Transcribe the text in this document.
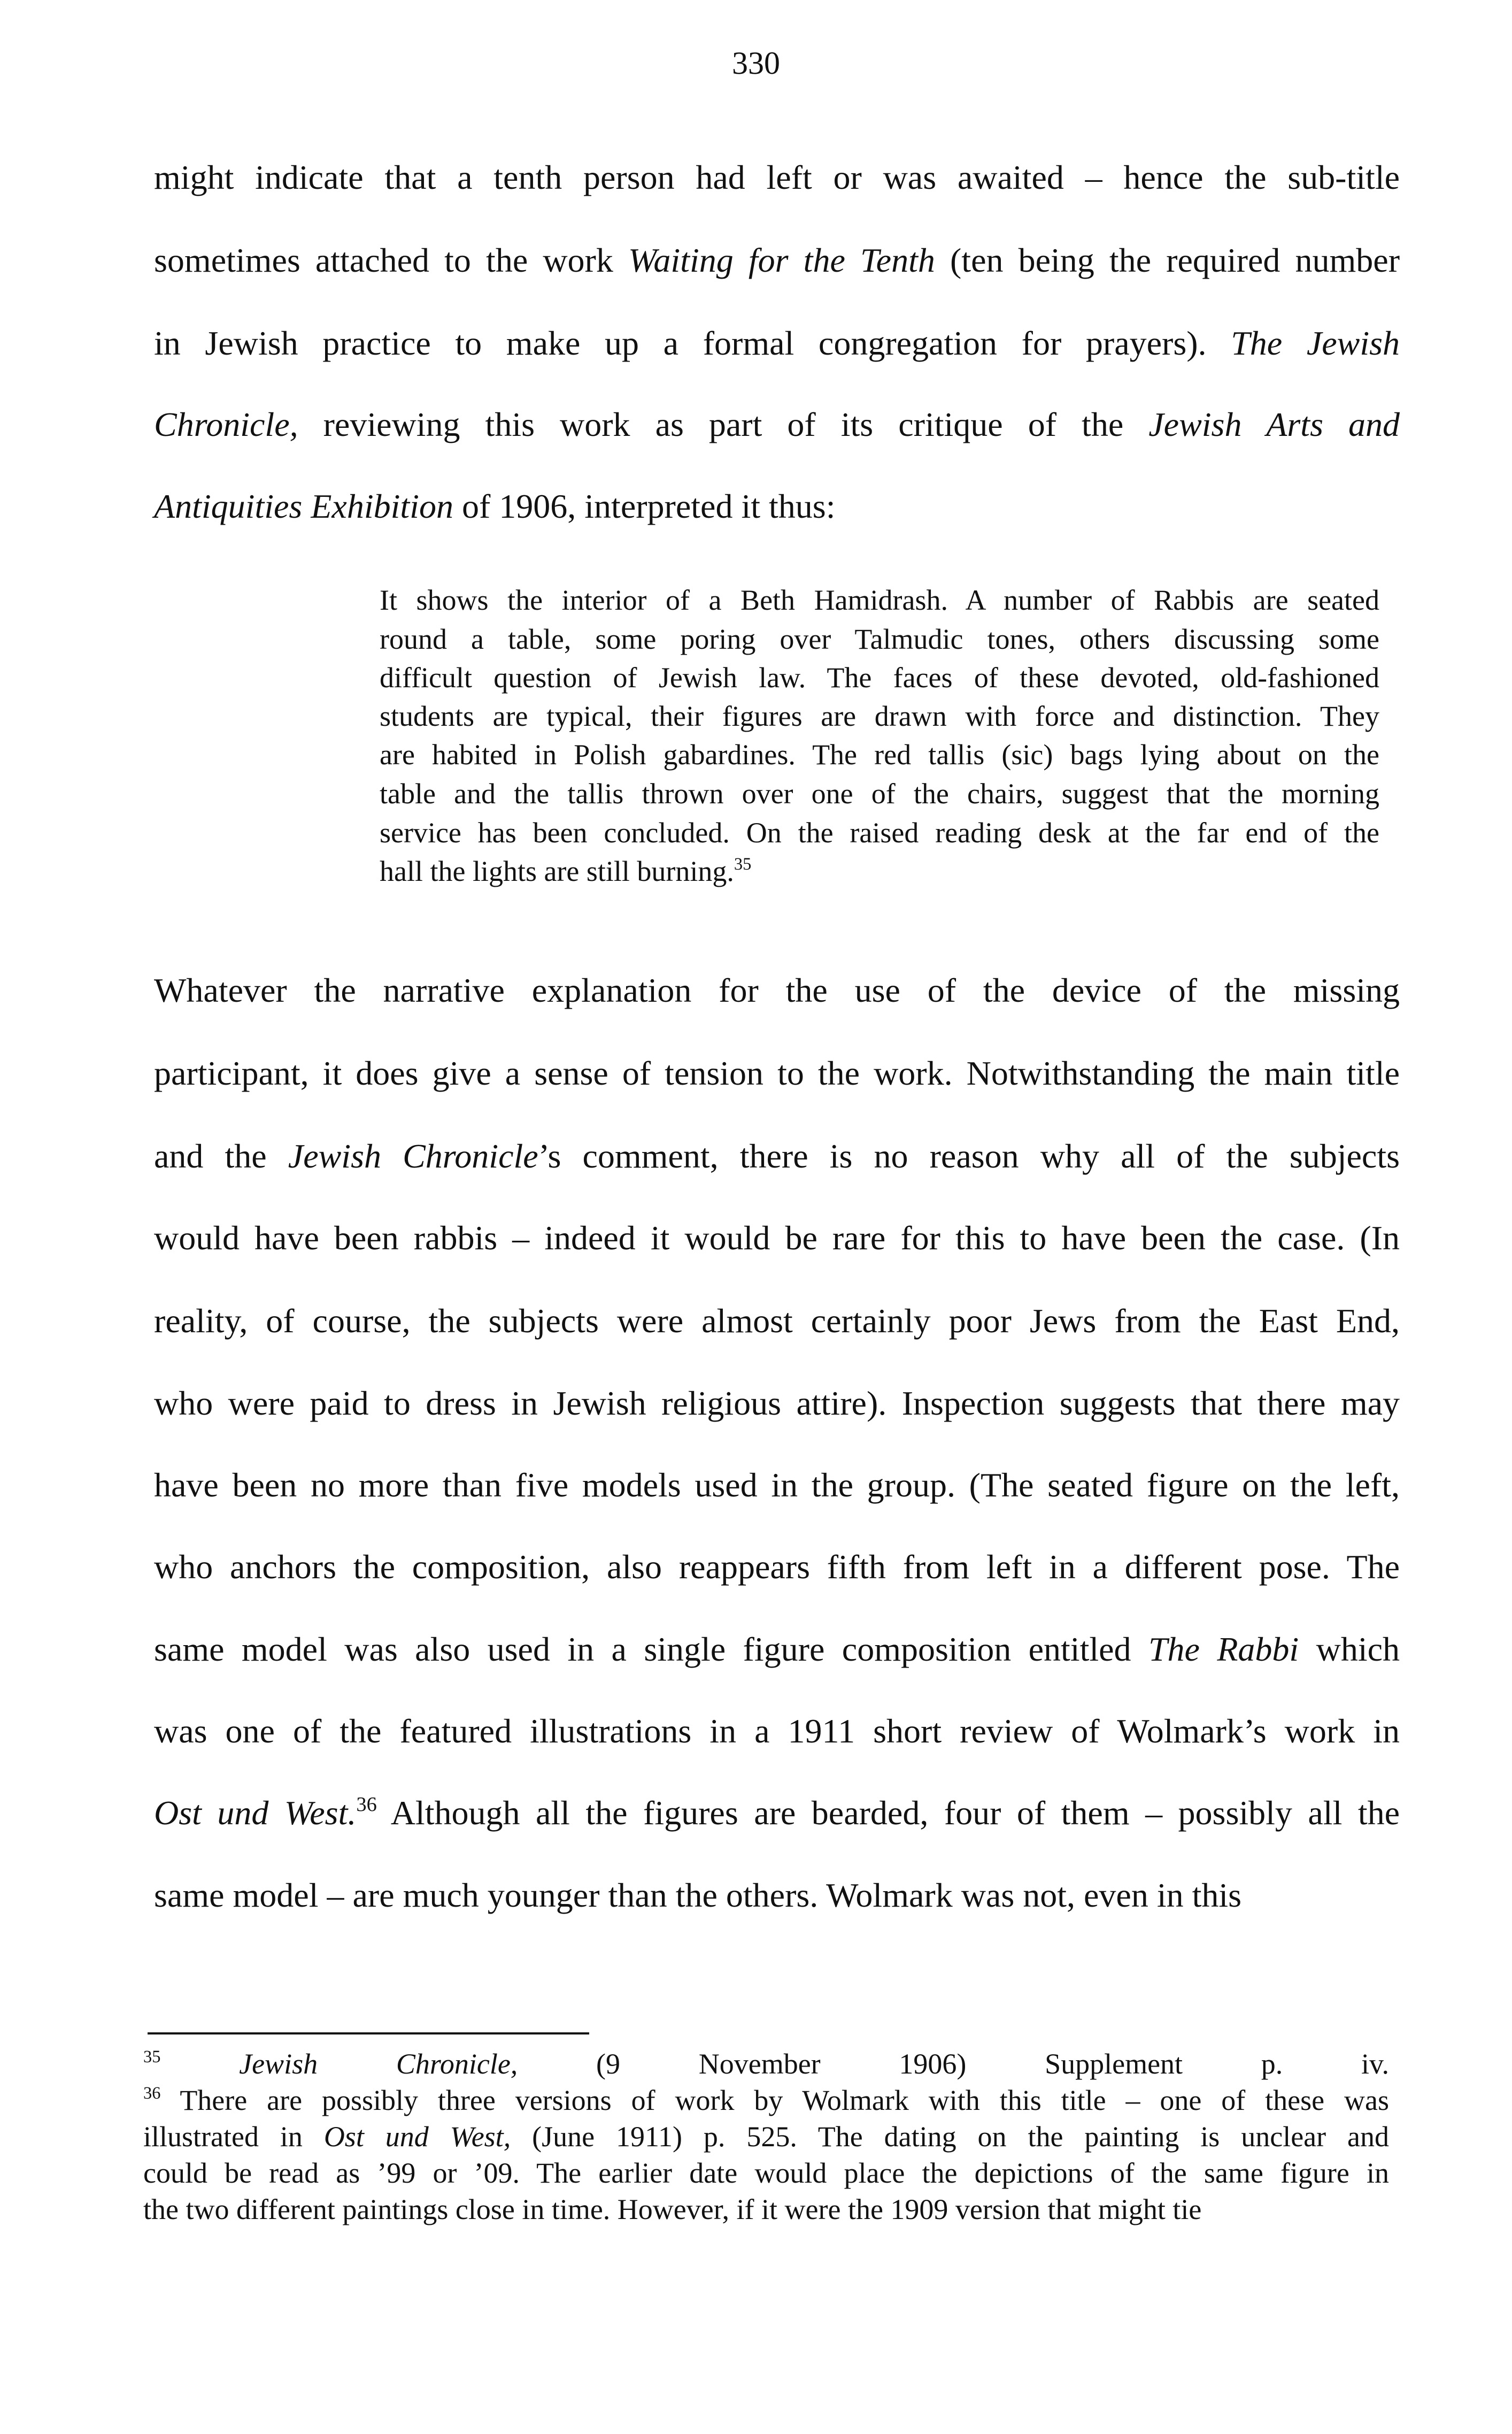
330
might indicate that a tenth person had left or was awaited – hence the sub-title
sometimes attached to the work Waiting for the Tenth (ten being the required number
in Jewish practice to make up a formal congregation for prayers). The Jewish
Chronicle, reviewing this work as part of its critique of the Jewish Arts and
Antiquities Exhibition of 1906, interpreted it thus:
It shows the interior of a Beth Hamidrash. A number of Rabbis are seated
round a table, some poring over Talmudic tones, others discussing some
difficult question of Jewish law. The faces of these devoted, old-fashioned
students are typical, their figures are drawn with force and distinction. They
are habited in Polish gabardines. The red tallis (sic) bags lying about on the
table and the tallis thrown over one of the chairs, suggest that the morning
service has been concluded. On the raised reading desk at the far end of the
hall the lights are still burning.$^{35}$
Whatever the narrative explanation for the use of the device of the missing
participant, it does give a sense of tension to the work. Notwithstanding the main title
and the Jewish Chronicle’s comment, there is no reason why all of the subjects
would have been rabbis – indeed it would be rare for this to have been the case. (In
reality, of course, the subjects were almost certainly poor Jews from the East End,
who were paid to dress in Jewish religious attire). Inspection suggests that there may
have been no more than five models used in the group. (The seated figure on the left,
who anchors the composition, also reappears fifth from left in a different pose. The
same model was also used in a single figure composition entitled The Rabbi which
was one of the featured illustrations in a 1911 short review of Wolmark’s work in
Ost und West.$^{36}$ Although all the figures are bearded, four of them – possibly all the
same model – are much younger than the others. Wolmark was not, even in this
$^{35}$	Jewish Chronicle, (9 November 1906) Supplement p. iv.
$^{36}$ There are possibly three versions of work by Wolmark with this title – one of these was
illustrated in Ost und West, (June 1911) p. 525. The dating on the painting is unclear and
could be read as ’99 or ’09. The earlier date would place the depictions of the same figure in
the two different paintings close in time. However, if it were the 1909 version that might tie
